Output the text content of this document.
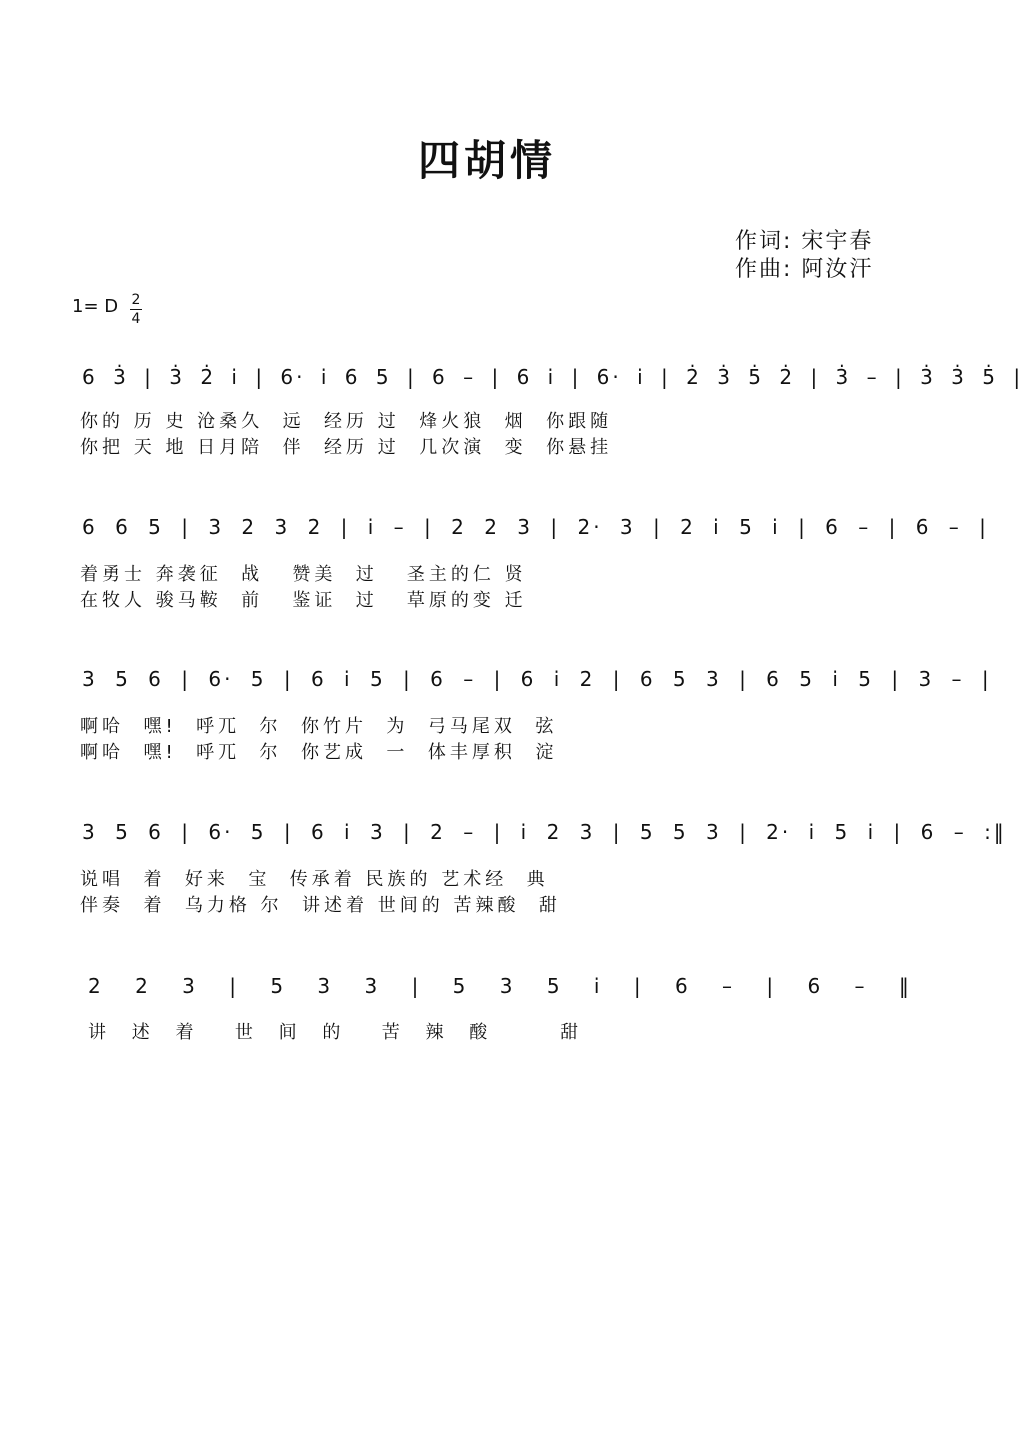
四胡情
作词: 宋宇春
作曲: 阿汝汗
1= D 2
4
6 3̇ | 3̇ 2̇ i | 6· i 6 5 | 6 – | 6 i | 6· i | 2̇ 3̇ 5̇ 2̇ | 3̇ – | 3̇ 3̇ 5̇ |
你的 历 史 沧桑久  远  经历 过  烽火狼  烟  你跟随
你把 天 地 日月陪  伴  经历 过  几次演  变  你悬挂
6 6 5 | 3 2 3 2 | i – | 2 2 3 | 2· 3 | 2 i 5 i | 6 – | 6 – |
着勇士 奔袭征  战   赞美  过   圣主的仁 贤
在牧人 骏马鞍  前   鉴证  过   草原的变 迁
3 5 6 | 6· 5 | 6 i 5 | 6 – | 6 i 2 | 6 5 3 | 6 5 i 5 | 3 – |
啊哈  嘿!  呼兀  尔  你竹片  为  弓马尾双  弦
啊哈  嘿!  呼兀  尔  你艺成  一  体丰厚积  淀
3 5 6 | 6· 5 | 6 i 3 | 2 – | i 2 3 | 5 5 3 | 2· i 5 i | 6 – :‖
说唱  着  好来  宝  传承着 民族的 艺术经  典
伴奏  着  乌力格 尔  讲述着 世间的 苦辣酸  甜
2 2 3 | 5 3 3 | 5 3 5 i | 6 – | 6 – ‖
讲 述 着  世 间 的  苦 辣 酸    甜
